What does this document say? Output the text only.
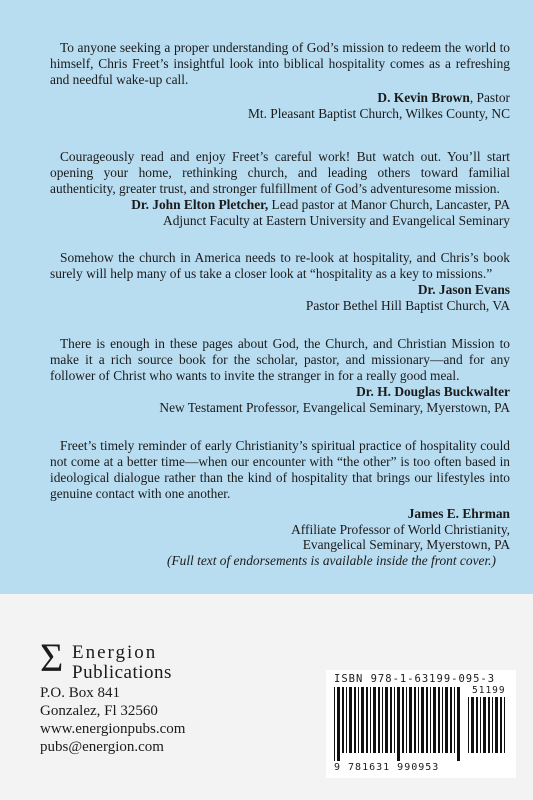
To anyone seeking a proper understanding of God’s mission to redeem the world to himself, Chris Freet’s insightful look into biblical hospitality comes as a refreshing and needful wake-up call.

D. Kevin Brown, Pastor
Mt. Pleasant Baptist Church, Wilkes County, NC

Courageously read and enjoy Freet’s careful work! But watch out. You’ll start opening your home, rethinking church, and leading others toward familial authenticity, greater trust, and stronger fulfillment of God’s adventuresome mission.

Dr. John Elton Pletcher, Lead pastor at Manor Church, Lancaster, PA
Adjunct Faculty at Eastern University and Evangelical Seminary

Somehow the church in America needs to re-look at hospitality, and Chris’s book surely will help many of us take a closer look at “hospitality as a key to missions.”

Dr. Jason Evans
Pastor Bethel Hill Baptist Church, VA

There is enough in these pages about God, the Church, and Christian Mission to make it a rich source book for the scholar, pastor, and missionary—and for any follower of Christ who wants to invite the stranger in for a really good meal.

Dr. H. Douglas Buckwalter
New Testament Professor, Evangelical Seminary, Myerstown, PA

Freet’s timely reminder of early Christianity’s spiritual practice of hospitality could not come at a better time—when our encounter with “the other” is too often based in ideological dialogue rather than the kind of hospitality that brings our lifestyles into genuine contact with one another.

James E. Ehrman
Affiliate Professor of World Christianity,
Evangelical Seminary, Myerstown, PA
(Full text of endorsements is available inside the front cover.)
Σ Energion
Publications
P.O. Box 841
Gonzalez, Fl 32560
www.energionpubs.com
pubs@energion.com
ISBN 978-1-63199-095-3
51199
9 781631 990953
